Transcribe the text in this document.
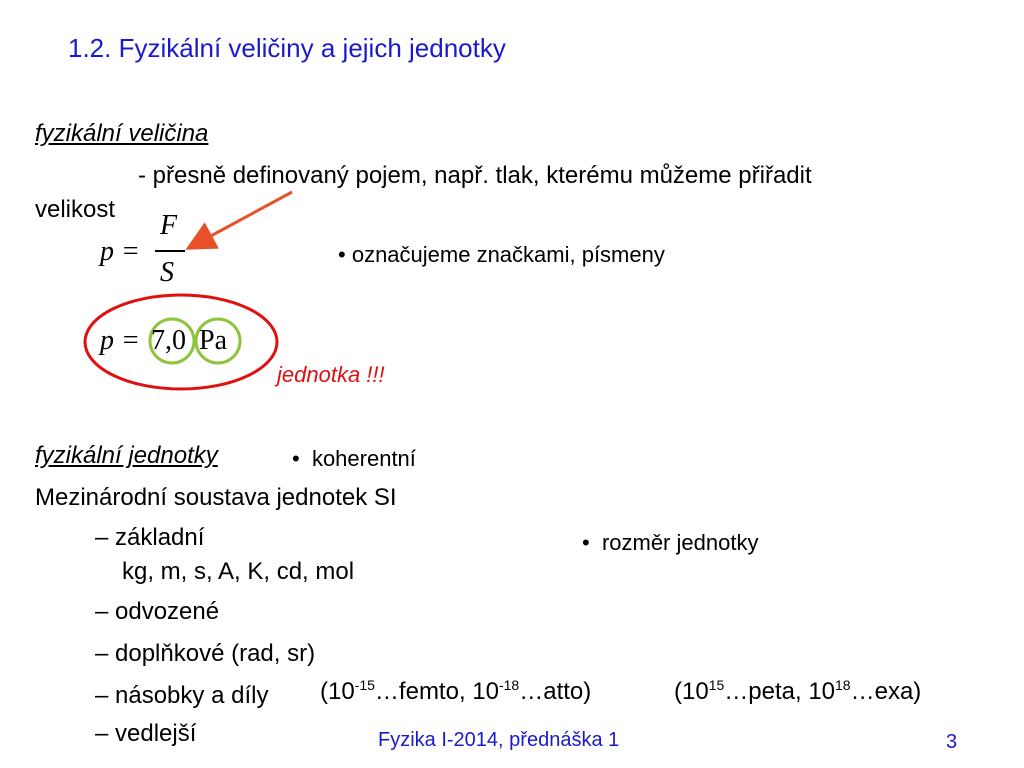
1.2. Fyzikální veličiny a jejich jednotky
fyzikální veličina
- přesně definovaný pojem, např. tlak, kterému můžeme přiřadit
velikost
p =
F
S
• označujeme značkami, písmeny
p = 7,0 Pa
jednotka !!!
fyzikální jednotky	• koherentní
Mezinárodní soustava jednotek SI
– základní
kg, m, s, A, K, cd, mol
• rozměr jednotky
– odvozené
– doplňkové (rad, sr)
– násobky a díly ($10^{-15}\dots femto$, $10^{-18}\dots atto$)	($10^{15}\dots peta$, $10^{18}\dots exa$)
– vedlejší	Fyzika I-2014, přednáška 1	3
